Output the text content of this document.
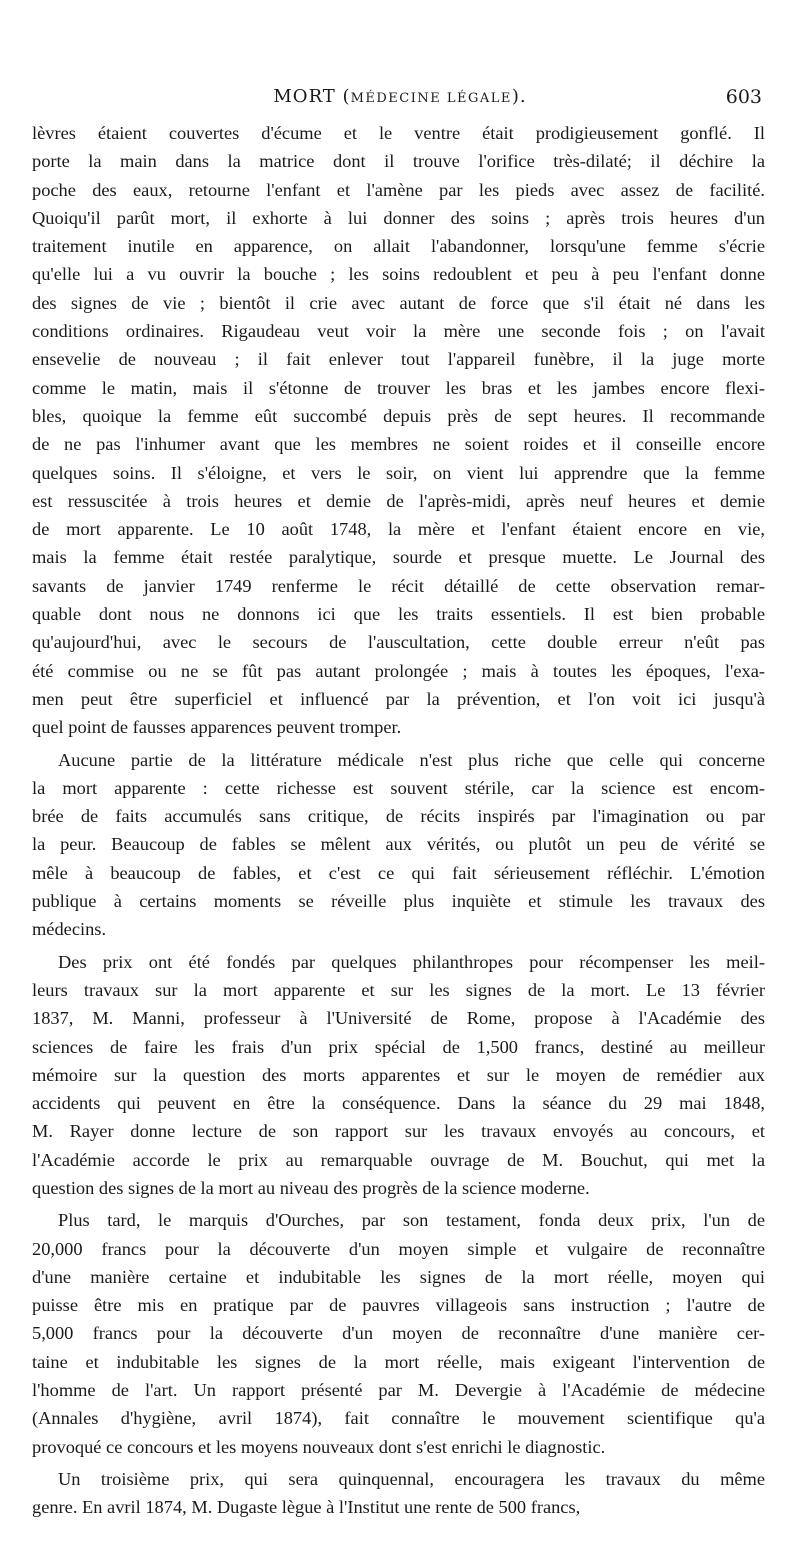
MORT (MÉDECINE LÉGALE).	603
lèvres étaient couvertes d'écume et le ventre était prodigieusement gonflé. Il
porte la main dans la matrice dont il trouve l'orifice très-dilaté; il déchire la
poche des eaux, retourne l'enfant et l'amène par les pieds avec assez de facilité.
Quoiqu'il parût mort, il exhorte à lui donner des soins ; après trois heures d'un
traitement inutile en apparence, on allait l'abandonner, lorsqu'une femme s'écrie
qu'elle lui a vu ouvrir la bouche ; les soins redoublent et peu à peu l'enfant donne
des signes de vie ; bientôt il crie avec autant de force que s'il était né dans les
conditions ordinaires. Rigaudeau veut voir la mère une seconde fois ; on l'avait
ensevelie de nouveau ; il fait enlever tout l'appareil funèbre, il la juge morte
comme le matin, mais il s'étonne de trouver les bras et les jambes encore flexi-
bles, quoique la femme eût succombé depuis près de sept heures. Il recommande
de ne pas l'inhumer avant que les membres ne soient roides et il conseille encore
quelques soins. Il s'éloigne, et vers le soir, on vient lui apprendre que la femme
est ressuscitée à trois heures et demie de l'après-midi, après neuf heures et demie
de mort apparente. Le 10 août 1748, la mère et l'enfant étaient encore en vie,
mais la femme était restée paralytique, sourde et presque muette. Le Journal des
savants de janvier 1749 renferme le récit détaillé de cette observation remar-
quable dont nous ne donnons ici que les traits essentiels. Il est bien probable
qu'aujourd'hui, avec le secours de l'auscultation, cette double erreur n'eût pas
été commise ou ne se fût pas autant prolongée ; mais à toutes les époques, l'exa-
men peut être superficiel et influencé par la prévention, et l'on voit ici jusqu'à
quel point de fausses apparences peuvent tromper.
Aucune partie de la littérature médicale n'est plus riche que celle qui concerne
la mort apparente : cette richesse est souvent stérile, car la science est encom-
brée de faits accumulés sans critique, de récits inspirés par l'imagination ou par
la peur. Beaucoup de fables se mêlent aux vérités, ou plutôt un peu de vérité se
mêle à beaucoup de fables, et c'est ce qui fait sérieusement réfléchir. L'émotion
publique à certains moments se réveille plus inquiète et stimule les travaux des
médecins.
Des prix ont été fondés par quelques philanthropes pour récompenser les meil-
leurs travaux sur la mort apparente et sur les signes de la mort. Le 13 février
1837, M. Manni, professeur à l'Université de Rome, propose à l'Académie des
sciences de faire les frais d'un prix spécial de 1,500 francs, destiné au meilleur
mémoire sur la question des morts apparentes et sur le moyen de remédier aux
accidents qui peuvent en être la conséquence. Dans la séance du 29 mai 1848,
M. Rayer donne lecture de son rapport sur les travaux envoyés au concours, et
l'Académie accorde le prix au remarquable ouvrage de M. Bouchut, qui met la
question des signes de la mort au niveau des progrès de la science moderne.
Plus tard, le marquis d'Ourches, par son testament, fonda deux prix, l'un de
20,000 francs pour la découverte d'un moyen simple et vulgaire de reconnaître
d'une manière certaine et indubitable les signes de la mort réelle, moyen qui
puisse être mis en pratique par de pauvres villageois sans instruction ; l'autre de
5,000 francs pour la découverte d'un moyen de reconnaître d'une manière cer-
taine et indubitable les signes de la mort réelle, mais exigeant l'intervention de
l'homme de l'art. Un rapport présenté par M. Devergie à l'Académie de médecine
(Annales d'hygiène, avril 1874), fait connaître le mouvement scientifique qu'a
provoqué ce concours et les moyens nouveaux dont s'est enrichi le diagnostic.
Un troisième prix, qui sera quinquennal, encouragera les travaux du même
genre. En avril 1874, M. Dugaste lègue à l'Institut une rente de 500 francs,
